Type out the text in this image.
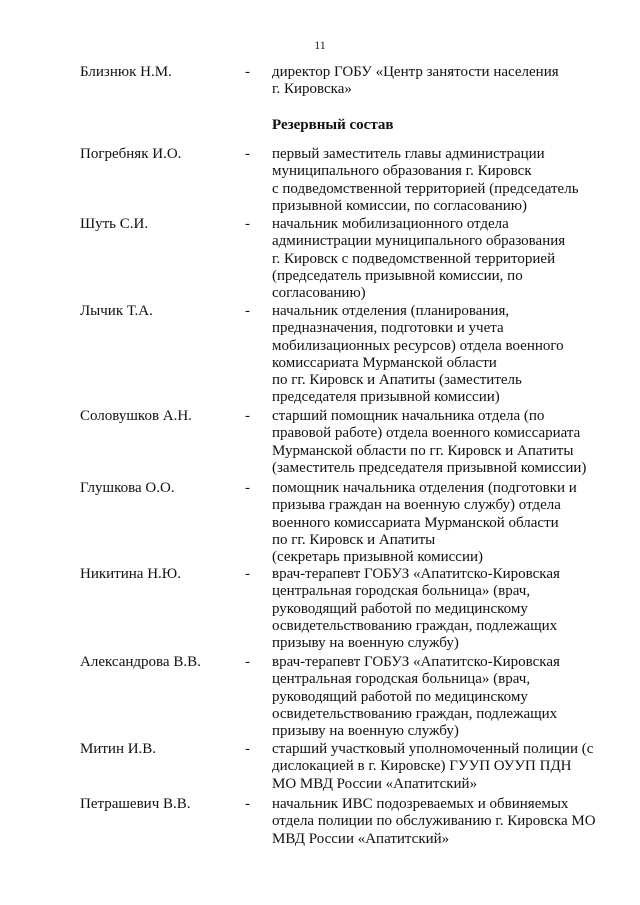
11
Близнюк Н.М.	- директор ГОБУ «Центр занятости населения
г. Кировска»
Резервный состав
Погребняк И.О.	- первый заместитель главы администрации
муниципального образования г. Кировск
с подведомственной территорией (председатель
призывной комиссии, по согласованию)
Шуть С.И.	- начальник мобилизационного отдела
администрации муниципального образования
г. Кировск с подведомственной территорией
(председатель призывной комиссии, по
согласованию)
Лычик Т.А.	- начальник отделения (планирования,
предназначения, подготовки и учета
мобилизационных ресурсов) отдела военного
комиссариата Мурманской области
по гг. Кировск и Апатиты (заместитель
председателя призывной комиссии)
Соловушков А.Н.	- старший помощник начальника отдела (по
правовой работе) отдела военного комиссариата
Мурманской области по гг. Кировск и Апатиты
(заместитель председателя призывной комиссии)
Глушкова О.О.	- помощник начальника отделения (подготовки и
призыва граждан на военную службу) отдела
военного комиссариата Мурманской области
по гг. Кировск и Апатиты
(секретарь призывной комиссии)
Никитина Н.Ю.	- врач-терапевт ГОБУЗ «Апатитско-Кировская
центральная городская больница» (врач,
руководящий работой по медицинскому
освидетельствованию граждан, подлежащих
призыву на военную службу)
Александрова В.В.	- врач-терапевт ГОБУЗ «Апатитско-Кировская
центральная городская больница» (врач,
руководящий работой по медицинскому
освидетельствованию граждан, подлежащих
призыву на военную службу)
Митин И.В.	- старший участковый уполномоченный полиции (с
дислокацией в г. Кировске) ГУУП ОУУП ПДН
МО МВД России «Апатитский»
Петрашевич В.В.	- начальник ИВС подозреваемых и обвиняемых
отдела полиции по обслуживанию г. Кировска МО
МВД России «Апатитский»
